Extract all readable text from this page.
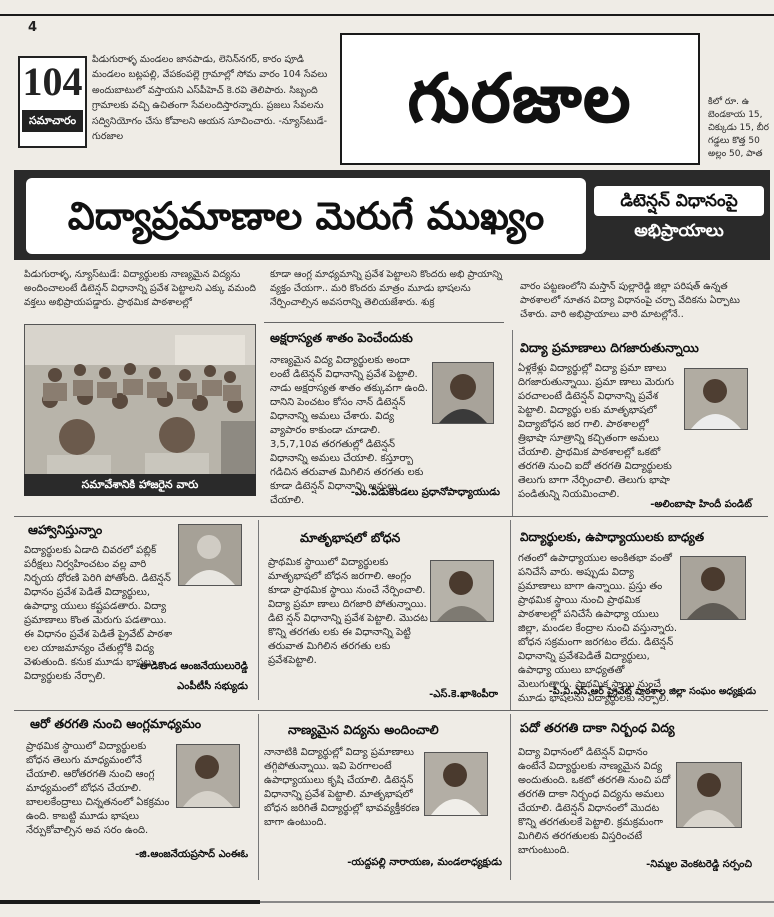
4
104
సమాచారం
పిడుగురాళ్ళ మండలం జానపాడు, లెనిన్‌నగర్, కారం పూడి మండలం బట్లపల్లి, వేపకంపల్లె గ్రామాల్లో సోమ వారం 104 సేవలు అందుబాటులో వస్తాయని ఎస్‌పీహెచ్ కె.రవి తెలిపారు. సిబ్బంది గ్రామాలకు వచ్చి ఉచితంగా సేవలందిస్తారన్నారు. ప్రజలు సేవలను సద్వినియోగం చేసు కోవాలని ఆయన సూచించారు. -న్యూస్‌టుడే- గురజాల	గురజాల	కిలో రూ. ఉ
బెండకాయ 15,
చిక్కుడు 15, బీర
గడ్డలు కొత్త 50
అల్లం 50, పాత
విద్యాప్రమాణాల మెరుగే ముఖ్యం	డిటెన్షన్ విధానంపై
అభిప్రాయాలు
పిడుగురాళ్ళ, న్యూస్‌టుడే: విద్యార్థులకు నాణ్యమైన విద్యను అందించాలంటే డిటెన్షన్ విధానాన్ని ప్రవేశ పెట్టాలని ఎక్కు వమంది వక్తలు అభిప్రాయపడ్డారు. ప్రాథమిక పాఠశాలల్లో
కూడా ఆంగ్ల మాధ్యమాన్ని ప్రవేశ పెట్టాలని కొందరు అభి ప్రాయాన్ని వ్యక్తం చేయగా.. మరి కొందరు మాత్రం మూడు భాషలను నేర్పించాల్సిన అవసరాన్ని తెలియజేశారు. శుక్ర
వారం పట్టణంలోని మస్తాన్ పుల్లారెడ్డి జిల్లా పరిషత్ ఉన్నత పాఠశాలలో నూతన విద్యా విధానంపై చర్చా వేదికను ఏర్పాటు చేశారు. వారి అభిప్రాయాలు వారి మాటల్లోనే..
సమావేశానికి హాజరైన వారు
అక్షరాస్యత శాతం పెంచేందుకు
నాణ్యమైన విద్య విద్యార్థులకు అందా లంటే డిటెన్షన్ విధానాన్ని ప్రవేశ పెట్టాలి. నాడు అక్షరాస్యత శాతం తక్కువగా ఉంది. దానిని పెంచటం కోసం నాన్ డిటెన్షన్ విధానాన్ని అమలు చేశారు. విద్య వ్యాపారం కాకుండా చూడాలి. 3,5,7,10వ తరగతుల్లో డిటెన్షన్ విధానాన్ని అమలు చేయాలి. కస్తూర్బా గడిచిన తరువాత మిగిలిన తరగతు లకు కూడా డిటెన్షన్ విధానాన్ని అమలు చేయాలి.
-ఎం.ఏడుకొండలు ప్రధానోపాధ్యాయుడు
విద్యా ప్రమాణాలు దిగజారుతున్నాయి
ఏళ్లకేళ్లు విద్యార్థుల్లో విద్యా ప్రమా ణాలు దిగజారుతున్నాయి. ప్రమా ణాలు మెరుగు పరచాలంటే డిటెన్షన్ విధానాన్ని ప్రవేశ పెట్టాలి. విద్యార్థు లకు మాతృభాషలో విద్యాబోధన జర గాలి. పాఠశాలల్లో త్రిభాషా సూత్రాన్ని కచ్చితంగా అమలు చేయాలి. ప్రాథమిక పాఠశాలల్లో ఒకటో తరగతి నుంచి ఐదో తరగతి విద్యార్థులకు తెలుగు బాగా నేర్పించాలి. తెలుగు భాషా పండితున్ని నియమించాలి.
-అలింబాషా హిందీ పండిట్
ఆహ్వానిస్తున్నాం
విద్యార్థులకు ఏడాది చివరలో పబ్లిక్ పరీక్షలు నిర్వహించటం వల్ల వారి నిర్భయ ధోరణి పెరిగి పోతోంది. డిటెన్షన్ విధానం ప్రవేశ పెడితే విద్యార్థులు, ఉపాధ్యా యులు కష్టపడతారు. విద్యా ప్రమాణాలు కొంత మెరుగు పడతాయి. ఈ విధానం ప్రవేశ పెడితే ప్రైవేట్ పాఠశా లల యాజమాన్యం చేతుల్లోకి విద్య వెళుతుంది. కనుక మూడు భాషలు విద్యార్థులకు నేర్పాలి.
-తాడికొండ ఆంజనేయులురెడ్డి
ఎంపీటీసీ సభ్యుడు
మాతృభాషలో బోధన
ప్రాథమిక స్థాయిలో విద్యార్థులకు మాతృభాషలో బోధన జరగాలి. ఆంగ్లం కూడా ప్రాథమిక స్థాయి నుంచే నేర్పించాలి. విద్యా ప్రమా ణాలు దిగజారి పోతున్నాయి. డిటె న్షన్ విధానాన్ని ప్రవేశ పెట్టాలి. మొదట కొన్ని తరగతు లకు ఈ విధానాన్ని పెట్టి తరువాత మిగిలిన తరగతు లకు ప్రవేశపెట్టాలి.
-ఎస్.కె.ఖాశింపీరా
విద్యార్థులకు, ఉపాధ్యాయులకు బాధ్యత
గతంలో ఉపాధ్యాయుల అంకితభా వంతో పనిచేసే వారు. అప్పుడు విద్యా ప్రమాణాలు బాగా ఉన్నాయి. ప్రస్తు తం ప్రాథమిక స్థాయి నుంచి ప్రాథమిక పాఠశాలల్లో పనిచేసే ఉపాధ్యా యులు జిల్లా, మండల కేంద్రాల నుంచి వస్తున్నారు. బోధన సక్రమంగా జరగటం లేదు. డిటెన్షన్ విధానాన్ని ప్రవేశపెడితే విద్యార్థులు, ఉపాధ్యా యులు బాధ్యతతో మెలుగుతారు. ప్రాథమిక స్థాయి నుంచే మూడు భాషలను విద్యార్థులకు నేర్పాలి.
-పి.వి.ఎస్.ఆర్ ప్రైవేట్ పాఠశాల జిల్లా సంఘం అధ్యక్షుడు
ఆరో తరగతి నుంచి ఆంగ్లమాధ్యమం
ప్రాథమిక స్థాయిలో విద్యార్థులకు బోధన తెలుగు మాధ్యమంలోనే చేయాలి. ఆరోతరగతి నుంచి ఆంగ్ల మాధ్యమంలో బోధన చేయాలి. బాలలకేంద్రాలు చిన్నతనంలో ఏకక్రమం ఉంది. కాబట్టి మూడు భాషలు నేర్పుకోవాల్సిన అవ సరం ఉంది.
-జి.ఆంజనేయప్రసాద్ ఎంఈఓ
నాణ్యమైన విద్యను అందించాలి
నానాటికి విద్యార్థుల్లో విద్యా ప్రమాణాలు తగ్గిపోతున్నాయి. ఇవి పెరగాలంటే ఉపాధ్యాయులు కృషి చేయాలి. డిటెన్షన్ విధానాన్ని ప్రవేశ పెట్టాలి. మాతృభాషలో బోధన జరిగితే విద్యార్థుల్లో భావవ్యక్తీకరణ బాగా ఉంటుంది.
-యద్దపల్లి నారాయణ, మండలాధ్యక్షుడు
పదో తరగతి దాకా నిర్బంధ విద్య
విద్యా విధానంలో డిటెన్షన్ విధానం ఉంటేనే విద్యార్థులకు నాణ్యమైన విద్య అందుతుంది. ఒకటో తరగతి నుంచి పదో తరగతి దాకా నిర్బంధ విద్యను అమలు చేయాలి. డిటెన్షన్ విధానంలో మొదట కొన్ని తరగతులకే పెట్టాలి. క్రమక్రమంగా మిగిలిన తరగతులకు విస్తరించటే బాగుంటుంది.
-నిమ్మల వెంకటరెడ్డి సర్పంచి
